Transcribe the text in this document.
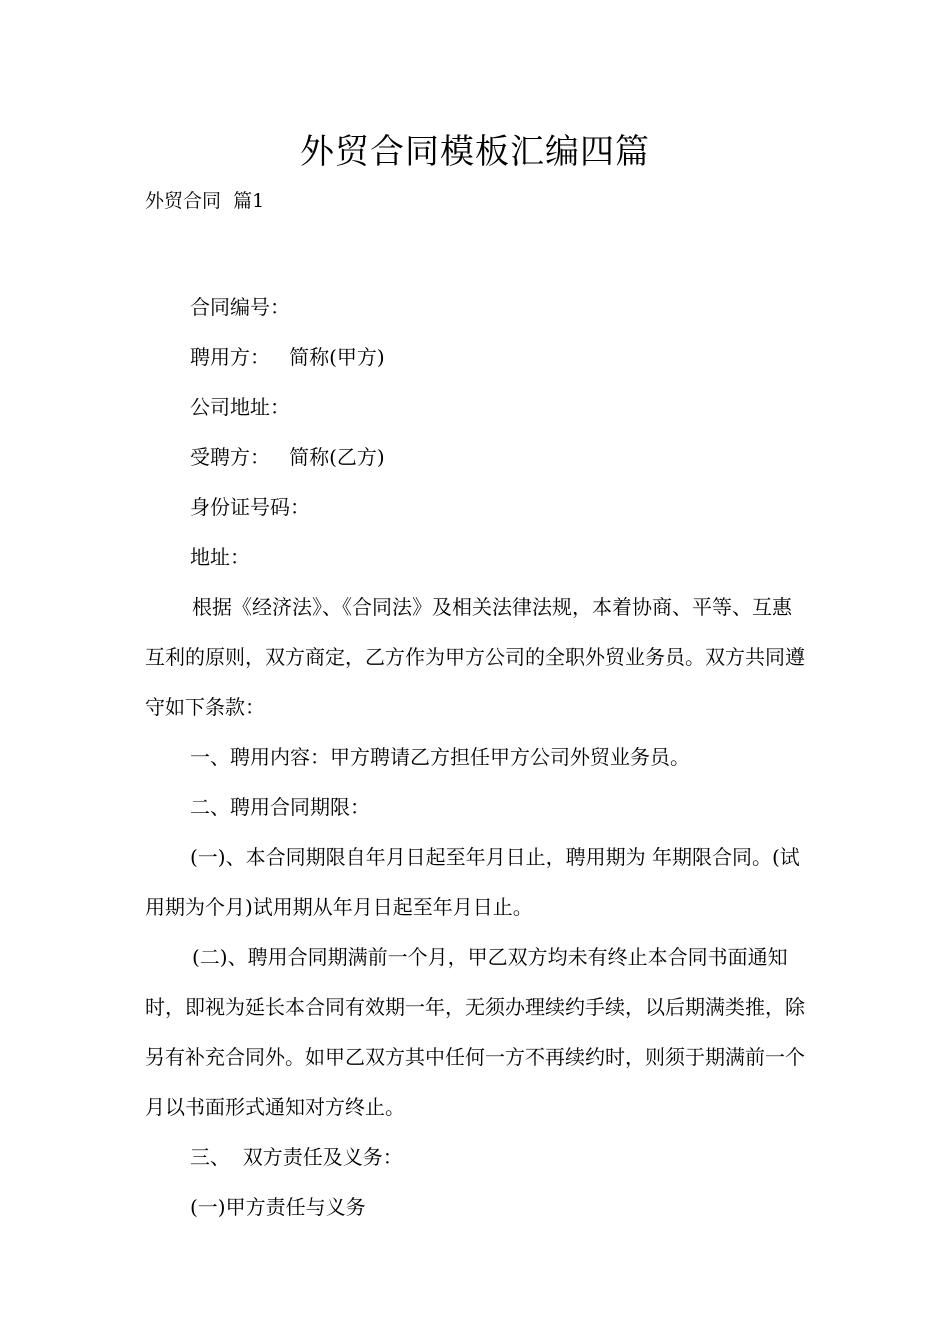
外贸合同模板汇编四篇
外贸合同  篇1

合同编号：

聘用方：   简称(甲方)

公司地址：

受聘方：   简称(乙方)

身份证号码：

地址：

根据《经济法》、《合同法》及相关法律法规，本着协商、平等、互惠互利的原则，双方商定，乙方作为甲方公司的全职外贸业务员。双方共同遵守如下条款：

一、聘用内容：甲方聘请乙方担任甲方公司外贸业务员。

二、聘用合同期限：

(一)、本合同期限自年月日起至年月日止，聘用期为 年期限合同。(试用期为个月)试用期从年月日起至年月日止。

(二)、聘用合同期满前一个月，甲乙双方均未有终止本合同书面通知时，即视为延长本合同有效期一年，无须办理续约手续，以后期满类推，除另有补充合同外。如甲乙双方其中任何一方不再续约时，则须于期满前一个月以书面形式通知对方终止。

三、  双方责任及义务：

(一)甲方责任与义务
